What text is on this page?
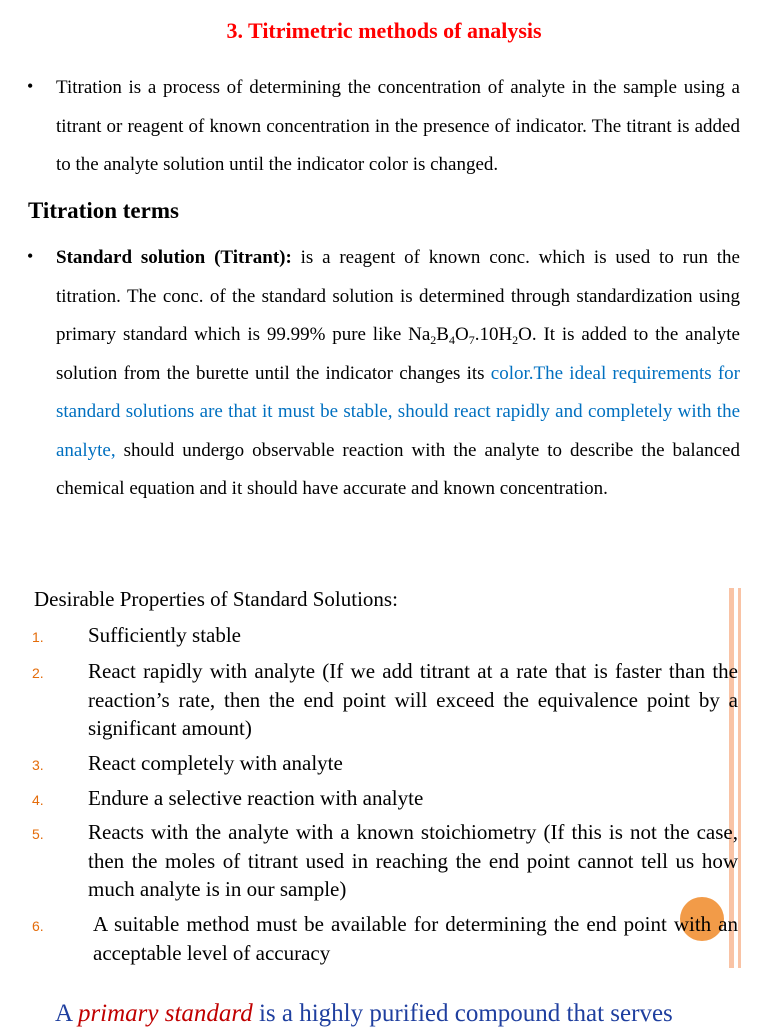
3. Titrimetric methods of analysis
• Titration is a process of determining the concentration of analyte in the sample using a titrant or reagent of known concentration in the presence of indicator. The titrant is added to the analyte solution until the indicator color is changed.
Titration terms
• Standard solution (Titrant): is a reagent of known conc. which is used to run the titration. The conc. of the standard solution is determined through standardization using primary standard which is 99.99% pure like $Na_2B_4O_7.10H_2O$. It is added to the analyte solution from the burette until the indicator changes its color.The ideal requirements for standard solutions are that it must be stable, should react rapidly and completely with the analyte, should undergo observable reaction with the analyte to describe the balanced chemical equation and it should have accurate and known concentration.
Desirable Properties of Standard Solutions:
1. Sufficiently stable
2. React rapidly with analyte (If we add titrant at a rate that is faster than the reaction’s rate, then the end point will exceed the equivalence point by a significant amount)
3. React completely with analyte
4. Endure a selective reaction with analyte
5. Reacts with the analyte with a known stoichiometry (If this is not the case, then the moles of titrant used in reaching the end point cannot tell us how much analyte is in our sample)
6. A suitable method must be available for determining the end point with an acceptable level of accuracy
A primary standard is a highly purified compound that serves
